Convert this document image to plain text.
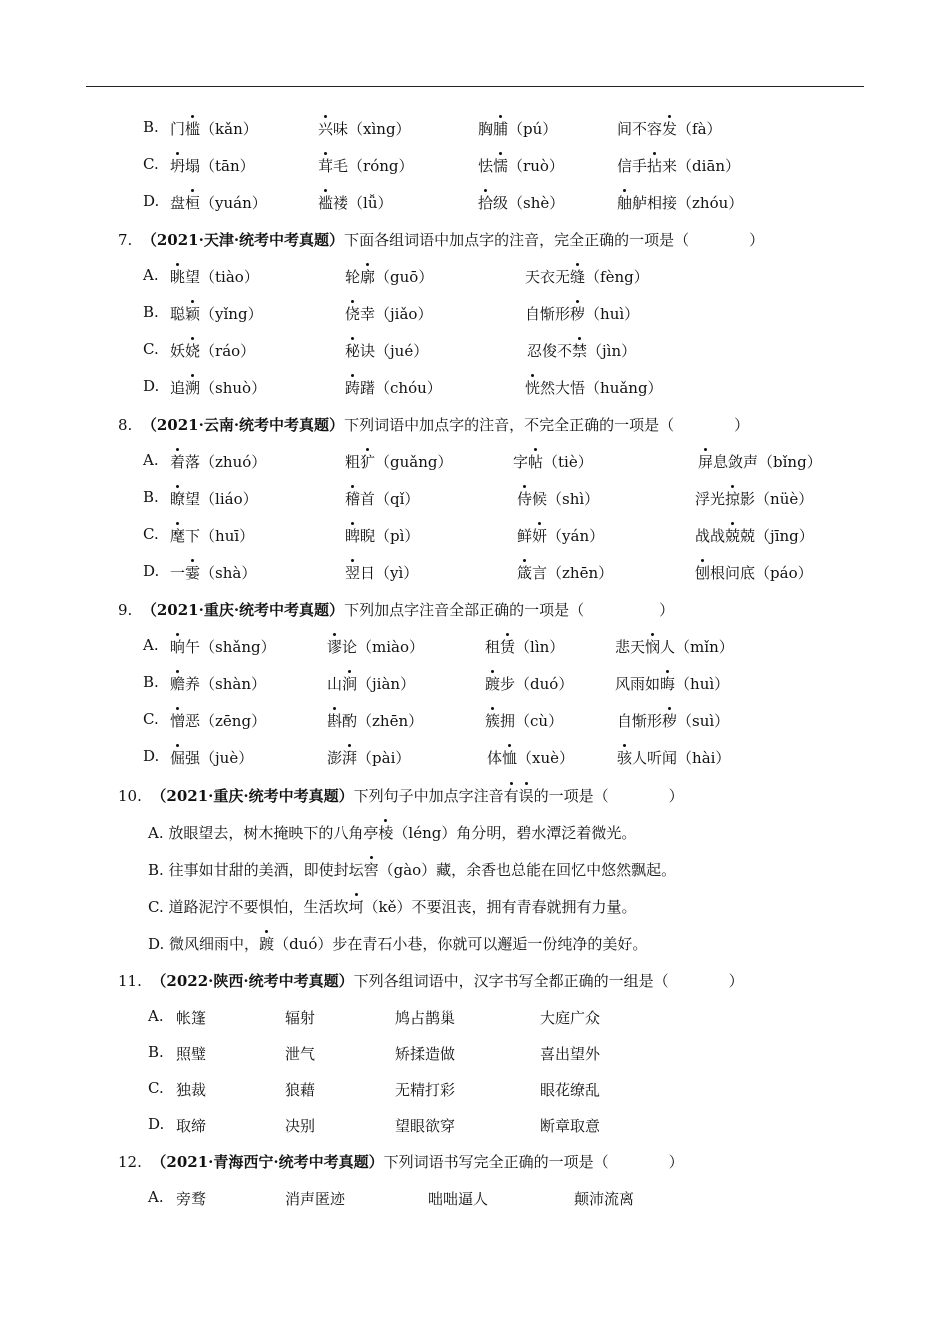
B. 门槛（kǎn）	兴味（xìng）	胸脯（pú）	间不容发（fà）
C. 坍塌（tān）	茸毛（róng）	怯懦（ruò）	信手拈来（diān）
D. 盘桓（yuán）	褴褛（lǚ）	拾级（shè）	舳舻相接（zhóu）
7. （2021·天津·统考中考真题）下面各组词语中加点字的注音，完全正确的一项是（　　　　）
A. 眺望（tiào）	轮廓（guō）	天衣无缝（fèng）
B. 聪颖（yǐng）	侥幸（jiǎo）	自惭形秽（huì）
C. 妖娆（ráo）	秘诀（jué）	忍俊不禁（jìn）
D. 追溯（shuò）	踌躇（chóu）	恍然大悟（huǎng）
8. （2021·云南·统考中考真题）下列词语中加点字的注音，不完全正确的一项是（　　　　）
A. 着落（zhuó）	粗犷（guǎng）	字帖（tiè）	屏息敛声（bǐng）
B. 瞭望（liáo）	稽首（qǐ）	侍候（shì）	浮光掠影（nüè）
C. 麾下（huī）	睥睨（pì）	鲜妍（yán）	战战兢兢（jīng）
D. 一霎（shà）	翌日（yì）	箴言（zhēn）	刨根问底（páo）
9. （2021·重庆·统考中考真题）下列加点字注音全部正确的一项是（　　　　　）
A. 晌午（shǎng）	谬论（miào）	租赁（lìn）	悲天悯人（mǐn）
B. 赡养（shàn）	山涧（jiàn）	踱步（duó）	风雨如晦（huì）
C. 憎恶（zēng）	斟酌（zhēn）	簇拥（cù）	自惭形秽（suì）
D. 倔强（juè）	澎湃（pài）	体恤（xuè）	骇人听闻（hài）
10. （2021·重庆·统考中考真题）下列句子中加点字注音有误的一项是（　　　　）
A. 放眼望去，树木掩映下的八角亭棱（léng）角分明，碧水潭泛着微光。
B. 往事如甘甜的美酒，即使封坛窖（gào）藏，余香也总能在回忆中悠然飘起。
C. 道路泥泞不要惧怕，生活坎坷（kě）不要沮丧，拥有青春就拥有力量。
D. 微风细雨中，踱（duó）步在青石小巷，你就可以邂逅一份纯净的美好。
11. （2022·陕西·统考中考真题）下列各组词语中，汉字书写全都正确的一组是（　　　　）
A. 帐篷	辐射	鸠占鹊巢	大庭广众
B. 照璧	泄气	矫揉造做	喜出望外
C. 独裁	狼藉	无精打彩	眼花缭乱
D. 取缔	决别	望眼欲穿	断章取意
12. （2021·青海西宁·统考中考真题）下列词语书写完全正确的一项是（　　　　）
A. 旁骛	消声匿迹	咄咄逼人	颠沛流离
